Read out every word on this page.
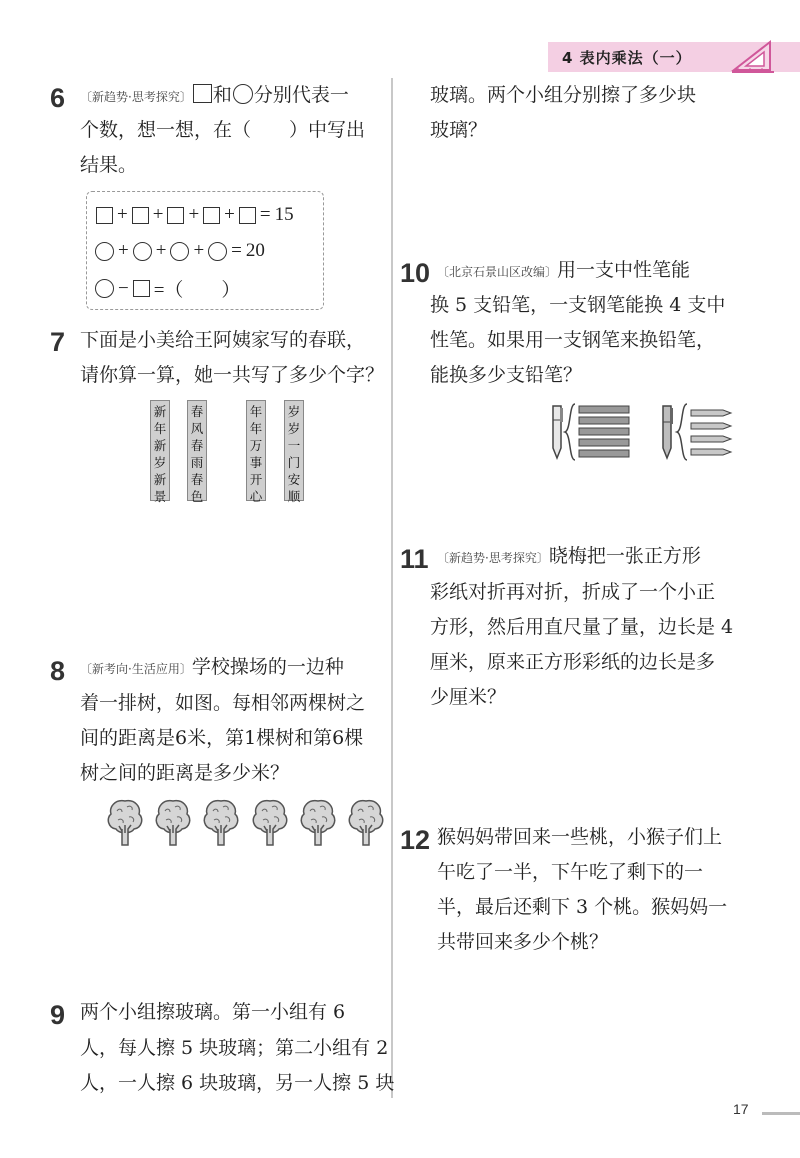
4 表内乘法（一）
6 〔新趋势·思考探究〕 和 分别代表一
个数，想一想，在（　　）中写出
结果。
+ + + + = 15
+ + + = 20
− =（　　）
7 下面是小美给王阿姨家写的春联，
请你算一算，她一共写了多少个字？
新
年
新
岁
新
景
春
风
春
雨
春
色
年
年
万
事
开
心
岁
岁
一
门
安
顺
8 〔新考向·生活应用〕学校操场的一边种
着一排树，如图。每相邻两棵树之
间的距离是6米，第1棵树和第6棵
树之间的距离是多少米？
9 两个小组擦玻璃。第一小组有 6
人，每人擦 5 块玻璃；第二小组有 2
人，一人擦 6 块玻璃，另一人擦 5 块
玻璃。两个小组分别擦了多少块
玻璃？
10 〔北京石景山区改编〕用一支中性笔能
换 5 支铅笔，一支钢笔能换 4 支中
性笔。如果用一支钢笔来换铅笔，
能换多少支铅笔？
11 〔新趋势·思考探究〕晓梅把一张正方形
彩纸对折再对折，折成了一个小正
方形，然后用直尺量了量，边长是 4
厘米，原来正方形彩纸的边长是多
少厘米？
12 猴妈妈带回来一些桃，小猴子们上
午吃了一半，下午吃了剩下的一
半，最后还剩下 3 个桃。猴妈妈一
共带回来多少个桃？
17
